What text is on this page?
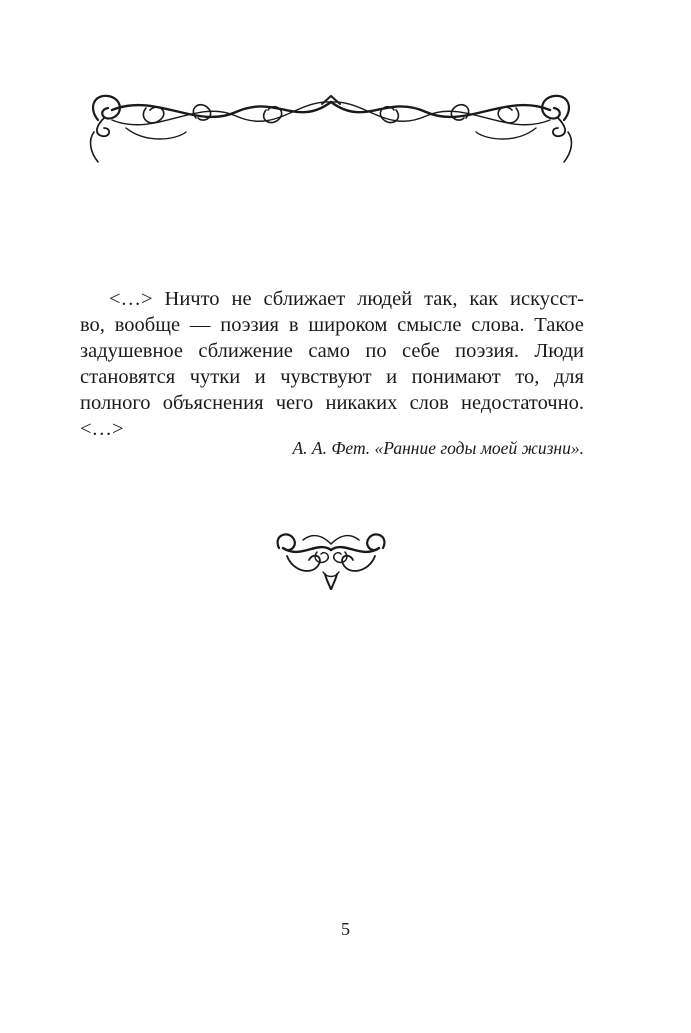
<…> Ничто не сближает людей так, как искусст-
во, вообще — поэзия в широком смысле слова. Такое
задушевное сближение само по себе поэзия. Люди
становятся чутки и чувствуют и понимают то, для
полного объяснения чего никаких слов недостаточно.
<…>
А. А. Фет. «Ранние годы моей жизни».
5
